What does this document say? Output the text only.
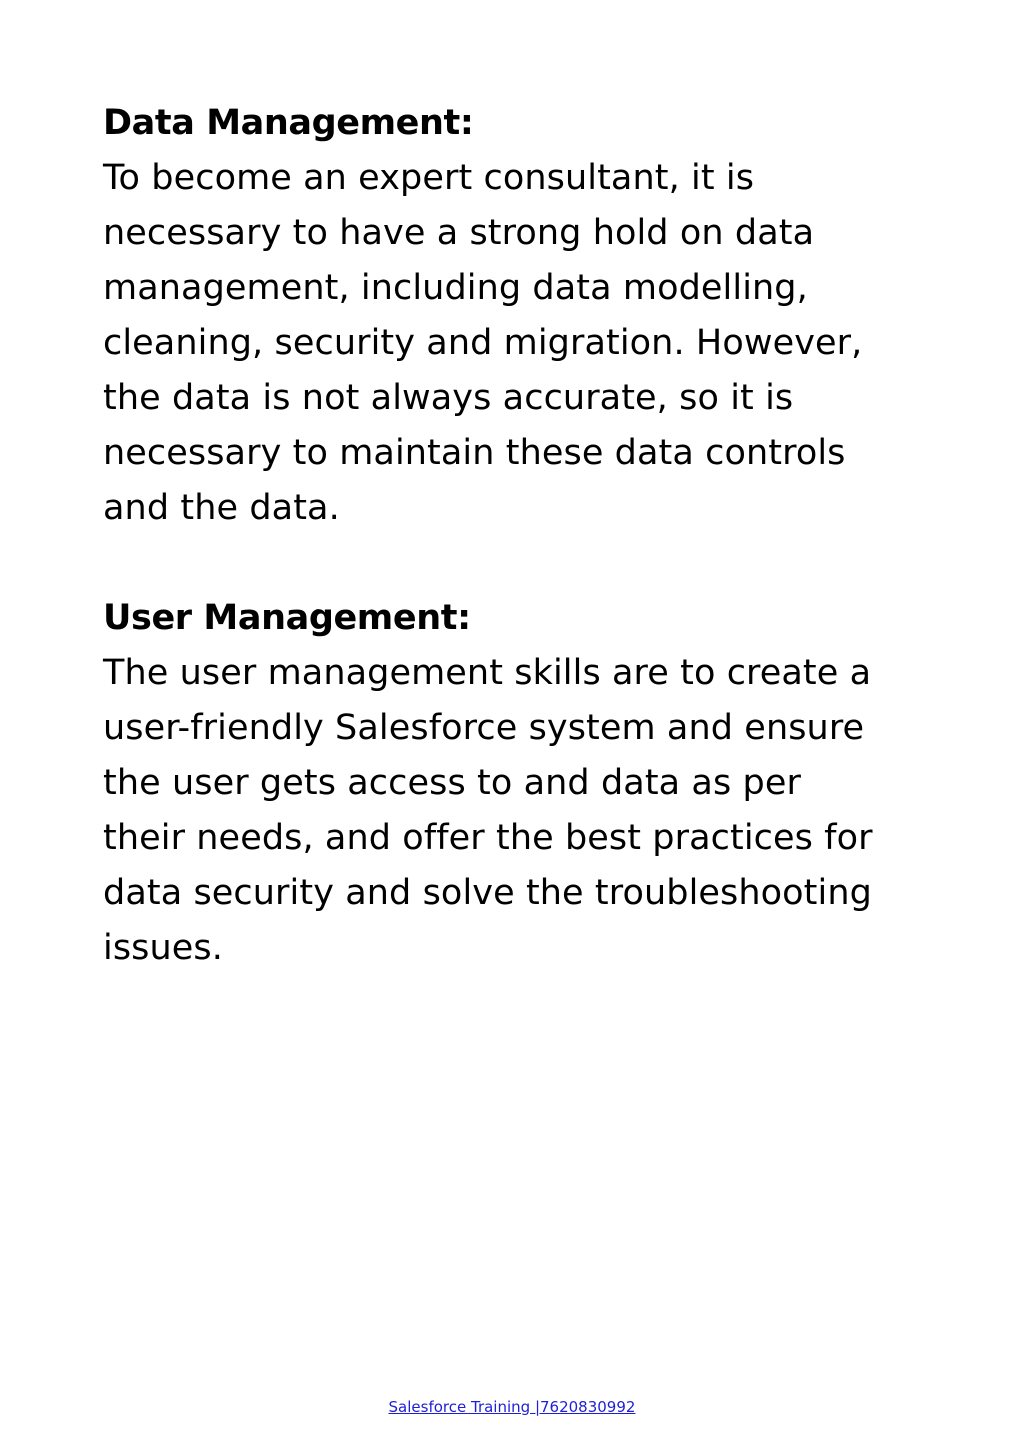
Data Management:

To become an expert consultant, it is
necessary to have a strong hold on data
management, including data modelling,
cleaning, security and migration. However,
the data is not always accurate, so it is
necessary to maintain these data controls
and the data.

User Management:

The user management skills are to create a
user-friendly Salesforce system and ensure
the user gets access to and data as per
their needs, and offer the best practices for
data security and solve the troubleshooting
issues.

Salesforce Training |7620830992
